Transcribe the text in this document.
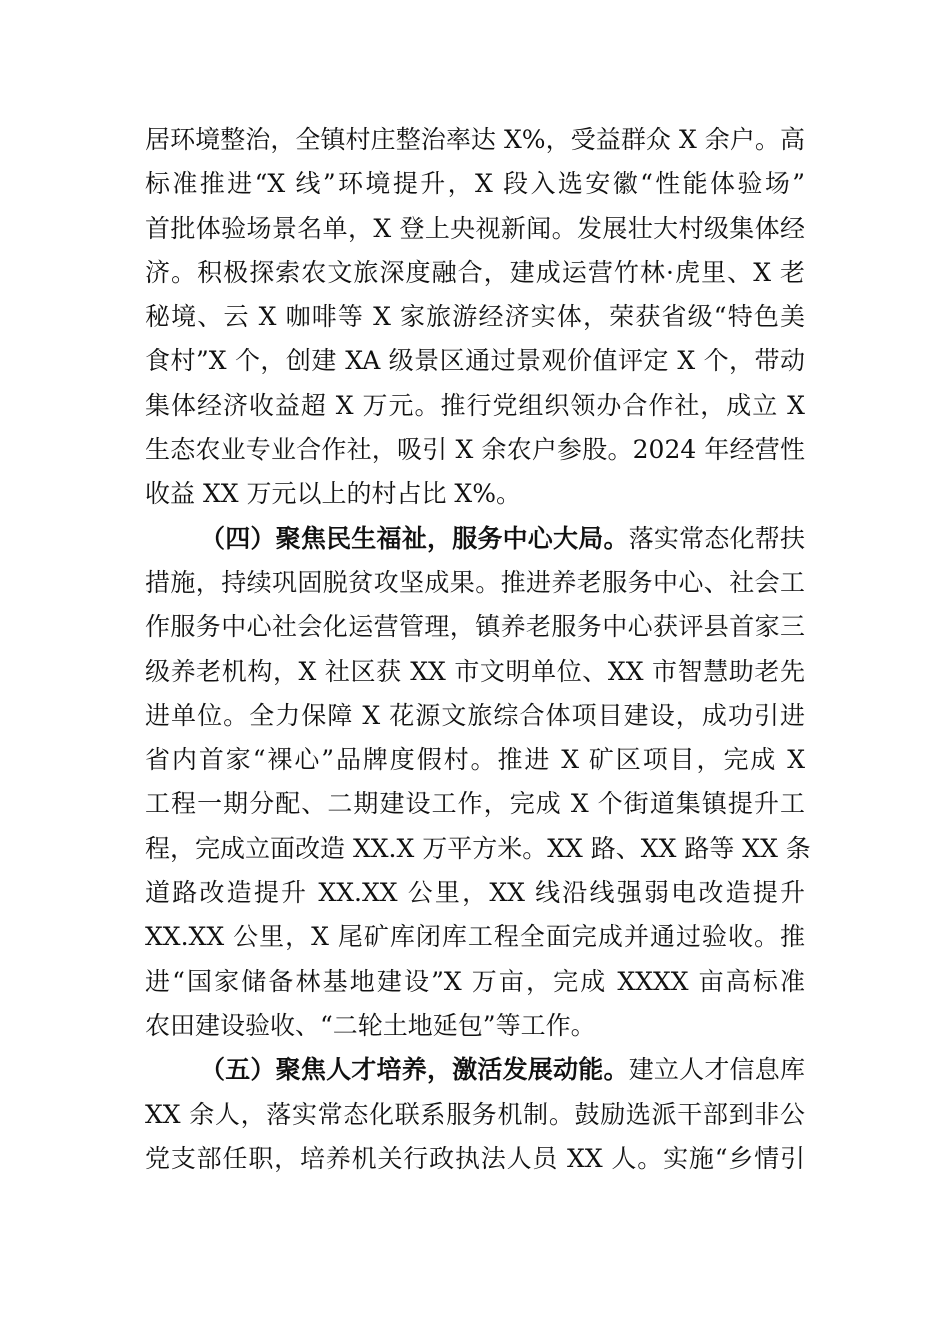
居环境整治，全镇村庄整治率达 X%，受益群众 X 余户。高
标准推进“X 线”环境提升，X 段入选安徽“性能体验场”
首批体验场景名单，X 登上央视新闻。发展壮大村级集体经
济。积极探索农文旅深度融合，建成运营竹林·虎里、X 老
秘境、云 X 咖啡等 X 家旅游经济实体，荣获省级“特色美
食村”X 个，创建 XA 级景区通过景观价值评定 X 个，带动
集体经济收益超 X 万元。推行党组织领办合作社，成立 X
生态农业专业合作社，吸引 X 余农户参股。2024 年经营性
收益 XX 万元以上的村占比 X%。
（四）聚焦民生福祉，服务中心大局。落实常态化帮扶
措施，持续巩固脱贫攻坚成果。推进养老服务中心、社会工
作服务中心社会化运营管理，镇养老服务中心获评县首家三
级养老机构，X 社区获 XX 市文明单位、XX 市智慧助老先
进单位。全力保障 X 花源文旅综合体项目建设，成功引进
省内首家“裸心”品牌度假村。推进 X 矿区项目，完成 X
工程一期分配、二期建设工作，完成 X 个街道集镇提升工
程，完成立面改造 XX.X 万平方米。XX 路、XX 路等 XX 条
道路改造提升 XX.XX 公里，XX 线沿线强弱电改造提升
XX.XX 公里，X 尾矿库闭库工程全面完成并通过验收。推
进“国家储备林基地建设”X 万亩，完成 XXXX 亩高标准
农田建设验收、“二轮土地延包”等工作。
（五）聚焦人才培养，激活发展动能。建立人才信息库
XX 余人，落实常态化联系服务机制。鼓励选派干部到非公
党支部任职，培养机关行政执法人员 XX 人。实施“乡情引
